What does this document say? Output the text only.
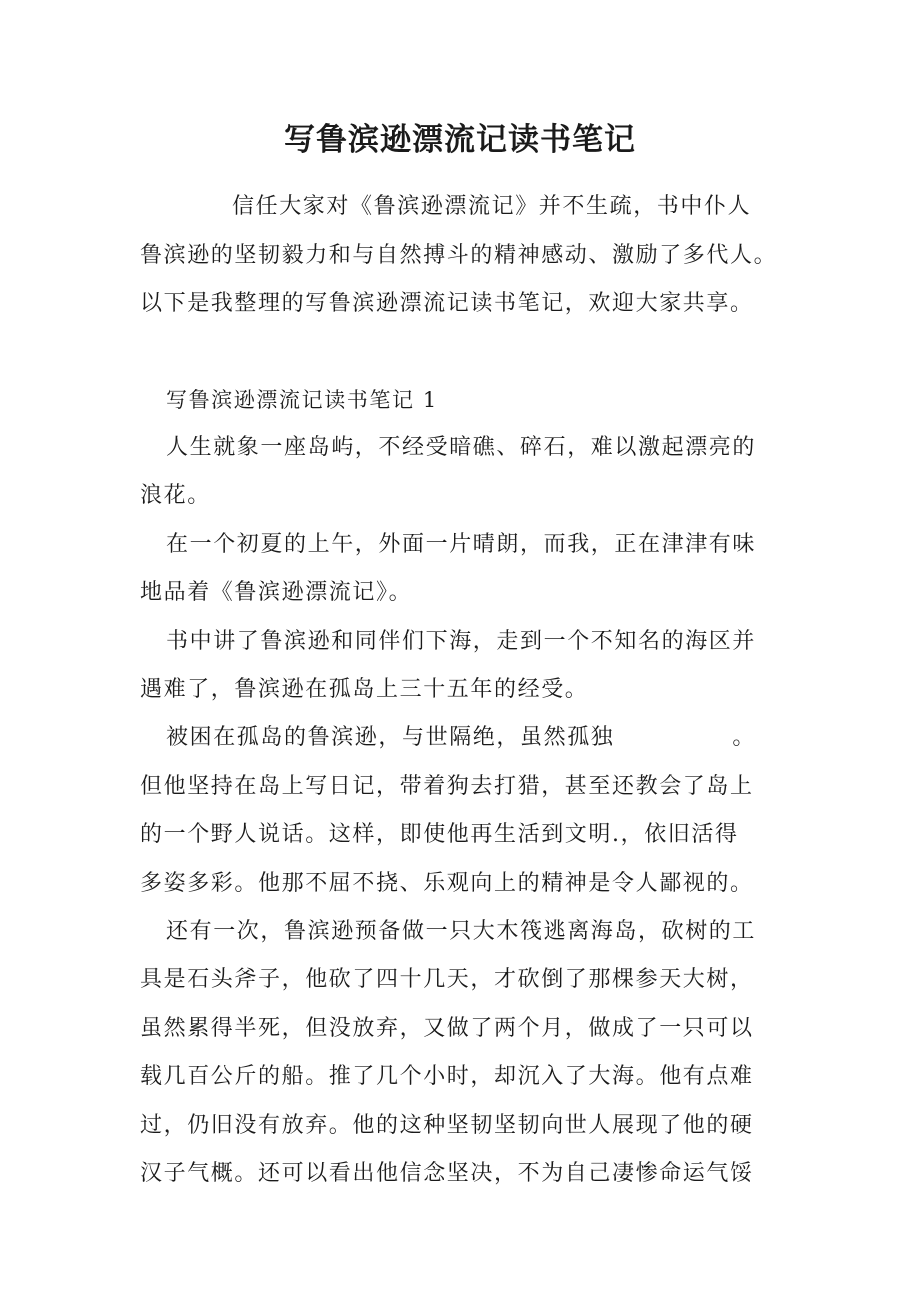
写鲁滨逊漂流记读书笔记
信任大家对《鲁滨逊漂流记》并不生疏，书中仆人
鲁滨逊的坚韧毅力和与自然搏斗的精神感动、激励了多代人。
以下是我整理的写鲁滨逊漂流记读书笔记，欢迎大家共享。
写鲁滨逊漂流记读书笔记 1
人生就象一座岛屿，不经受暗礁、碎石，难以激起漂亮的
浪花。
在一个初夏的上午，外面一片晴朗，而我，正在津津有味
地品着《鲁滨逊漂流记》。
书中讲了鲁滨逊和同伴们下海，走到一个不知名的海区并
遇难了，鲁滨逊在孤岛上三十五年的经受。
被困在孤岛的鲁滨逊，与世隔绝，虽然孤独　　　　　。
但他坚持在岛上写日记，带着狗去打猎，甚至还教会了岛上
的一个野人说话。这样，即使他再生活到文明.，依旧活得
多姿多彩。他那不屈不挠、乐观向上的精神是令人鄙视的。
还有一次，鲁滨逊预备做一只大木筏逃离海岛，砍树的工
具是石头斧子，他砍了四十几天，才砍倒了那棵参天大树，
虽然累得半死，但没放弃，又做了两个月，做成了一只可以
载几百公斤的船。推了几个小时，却沉入了大海。他有点难
过，仍旧没有放弃。他的这种坚韧坚韧向世人展现了他的硬
汉子气概。还可以看出他信念坚决，不为自己凄惨命运气馁
